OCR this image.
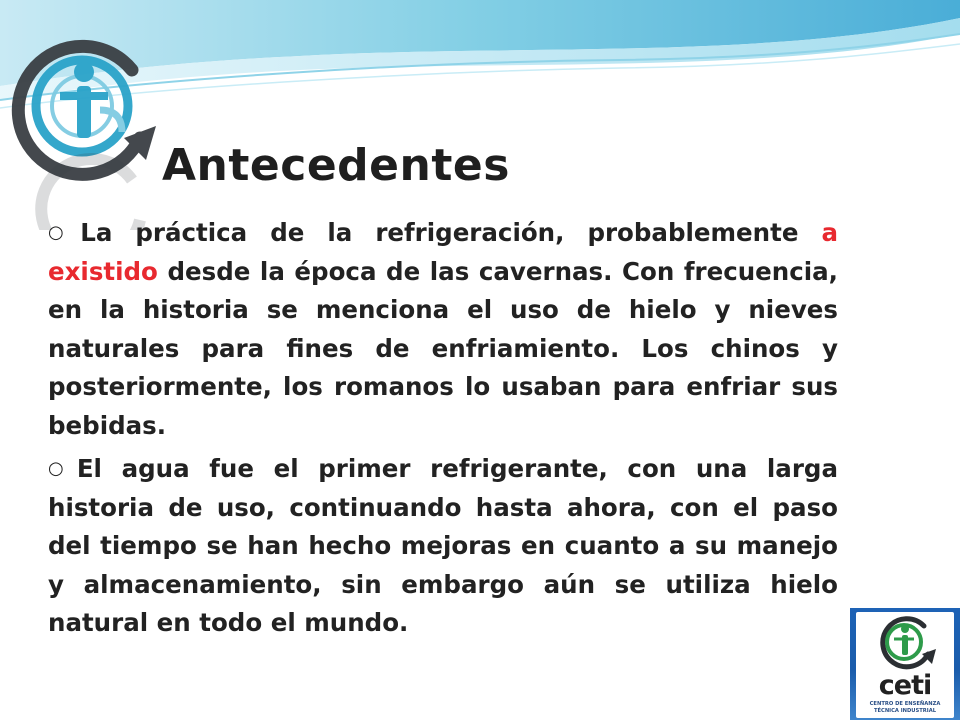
Antecedentes

○La práctica de la refrigeración, probablemente a existido desde la época de las cavernas. Con frecuencia, en la historia se menciona el uso de hielo y nieves naturales para fines de enfriamiento. Los chinos y posteriormente, los romanos lo usaban para enfriar sus bebidas.

○El agua fue el primer refrigerante, con una larga historia de uso, continuando hasta ahora, con el paso del tiempo se han hecho mejoras en cuanto a su manejo y almacenamiento, sin embargo aún se utiliza hielo natural en todo el mundo.

ceti
CENTRO DE ENSEÑANZA
TÉCNICA INDUSTRIAL
